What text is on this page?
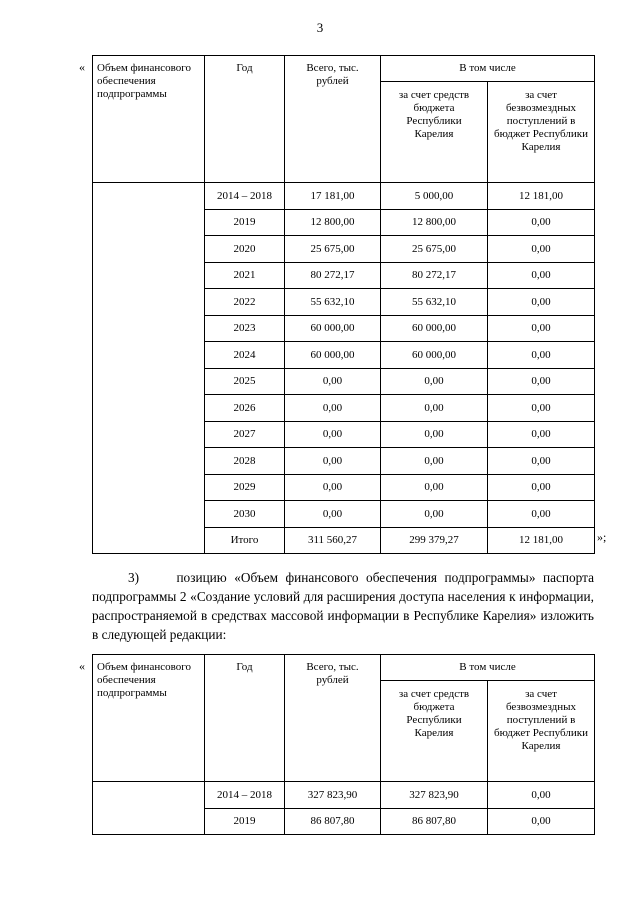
3
« Объем финансового обеспечения подпрограммы	Год	Всего, тыс. рублей	В том числе	
			за счет средств бюджета Республики Карелия	за счет безвозмездных поступлений в бюджет Республики Карелия
	2014 – 2018	17 181,00	5 000,00	12 181,00
	2019	12 800,00	12 800,00	0,00
	2020	25 675,00	25 675,00	0,00
	2021	80 272,17	80 272,17	0,00
	2022	55 632,10	55 632,10	0,00
	2023	60 000,00	60 000,00	0,00
	2024	60 000,00	60 000,00	0,00
	2025	0,00	0,00	0,00
	2026	0,00	0,00	0,00
	2027	0,00	0,00	0,00
	2028	0,00	0,00	0,00
	2029	0,00	0,00	0,00
	2030	0,00	0,00	0,00
	Итого	311 560,27	299 379,27	12 181,00	»;

3)	позицию «Объем финансового обеспечения подпрограммы» паспорта подпрограммы 2 «Создание условий для расширения доступа населения к информации, распространяемой в средствах массовой информации в Республике Карелия» изложить в следующей редакции:

« Объем финансового обеспечения подпрограммы	Год	Всего, тыс. рублей	В том числе	
			за счет средств бюджета Республики Карелия	за счет безвозмездных поступлений в бюджет Республики Карелия
	2014 – 2018	327 823,90	327 823,90	0,00
	2019	86 807,80	86 807,80	0,00
